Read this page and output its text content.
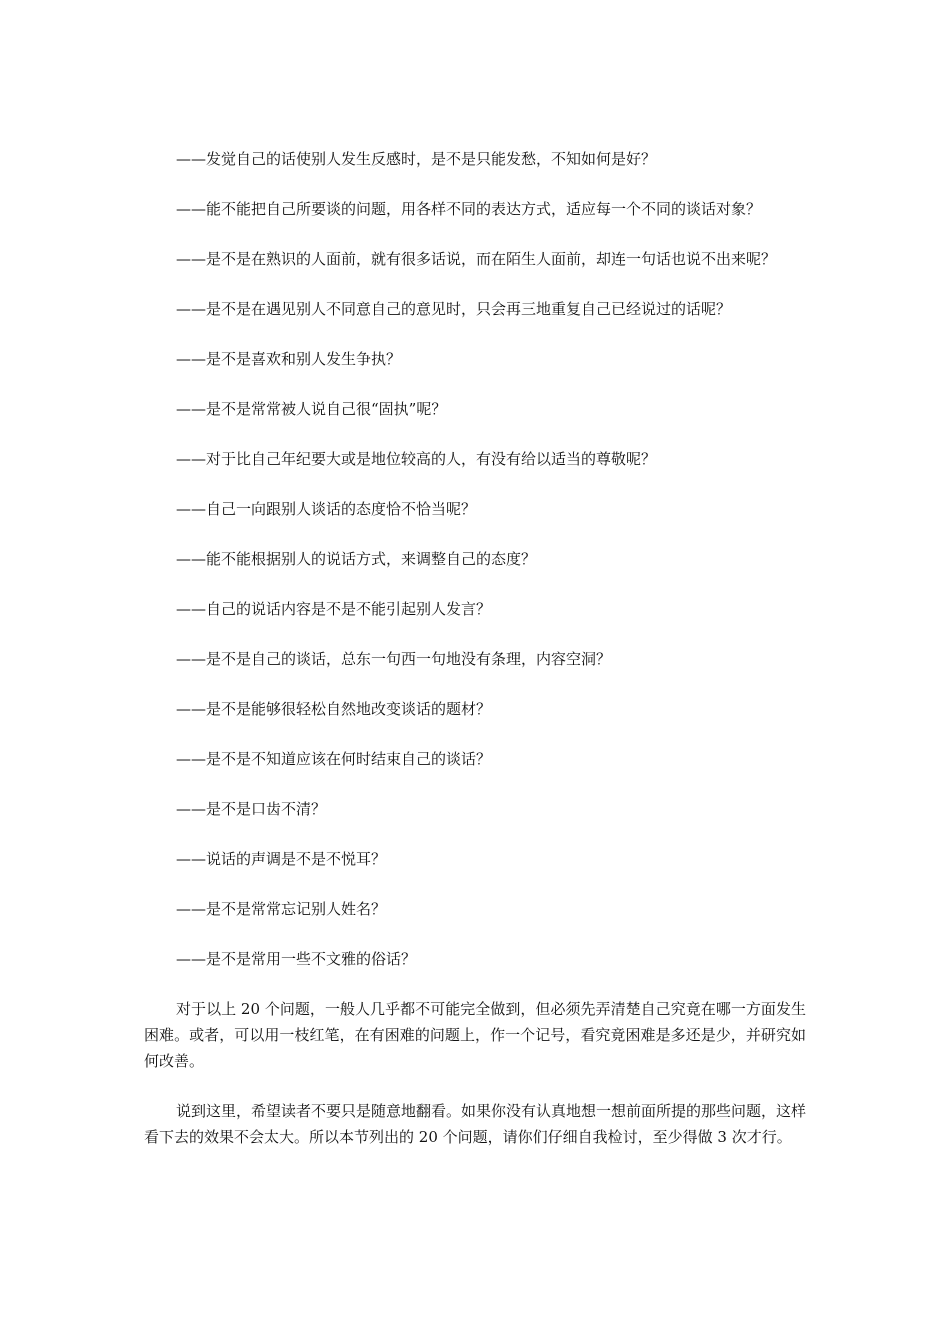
——发觉自己的话使别人发生反感时，是不是只能发愁，不知如何是好？

——能不能把自己所要谈的问题，用各样不同的表达方式，适应每一个不同的谈话对象？

——是不是在熟识的人面前，就有很多话说，而在陌生人面前，却连一句话也说不出来呢？

——是不是在遇见别人不同意自己的意见时，只会再三地重复自己已经说过的话呢？

——是不是喜欢和别人发生争执？

——是不是常常被人说自己很“固执”呢？

——对于比自己年纪要大或是地位较高的人，有没有给以适当的尊敬呢？

——自己一向跟别人谈话的态度恰不恰当呢？

——能不能根据别人的说话方式，来调整自己的态度？

——自己的说话内容是不是不能引起别人发言？

——是不是自己的谈话，总东一句西一句地没有条理，内容空洞？

——是不是能够很轻松自然地改变谈话的题材？

——是不是不知道应该在何时结束自己的谈话？

——是不是口齿不清？

——说话的声调是不是不悦耳？

——是不是常常忘记别人姓名？

——是不是常用一些不文雅的俗话？

对于以上 20 个问题，一般人几乎都不可能完全做到，但必须先弄清楚自己究竟在哪一方面发生困难。或者，可以用一枝红笔，在有困难的问题上，作一个记号，看究竟困难是多还是少，并研究如何改善。

说到这里，希望读者不要只是随意地翻看。如果你没有认真地想一想前面所提的那些问题，这样看下去的效果不会太大。所以本节列出的 20 个问题，请你们仔细自我检讨，至少得做 3 次才行。
